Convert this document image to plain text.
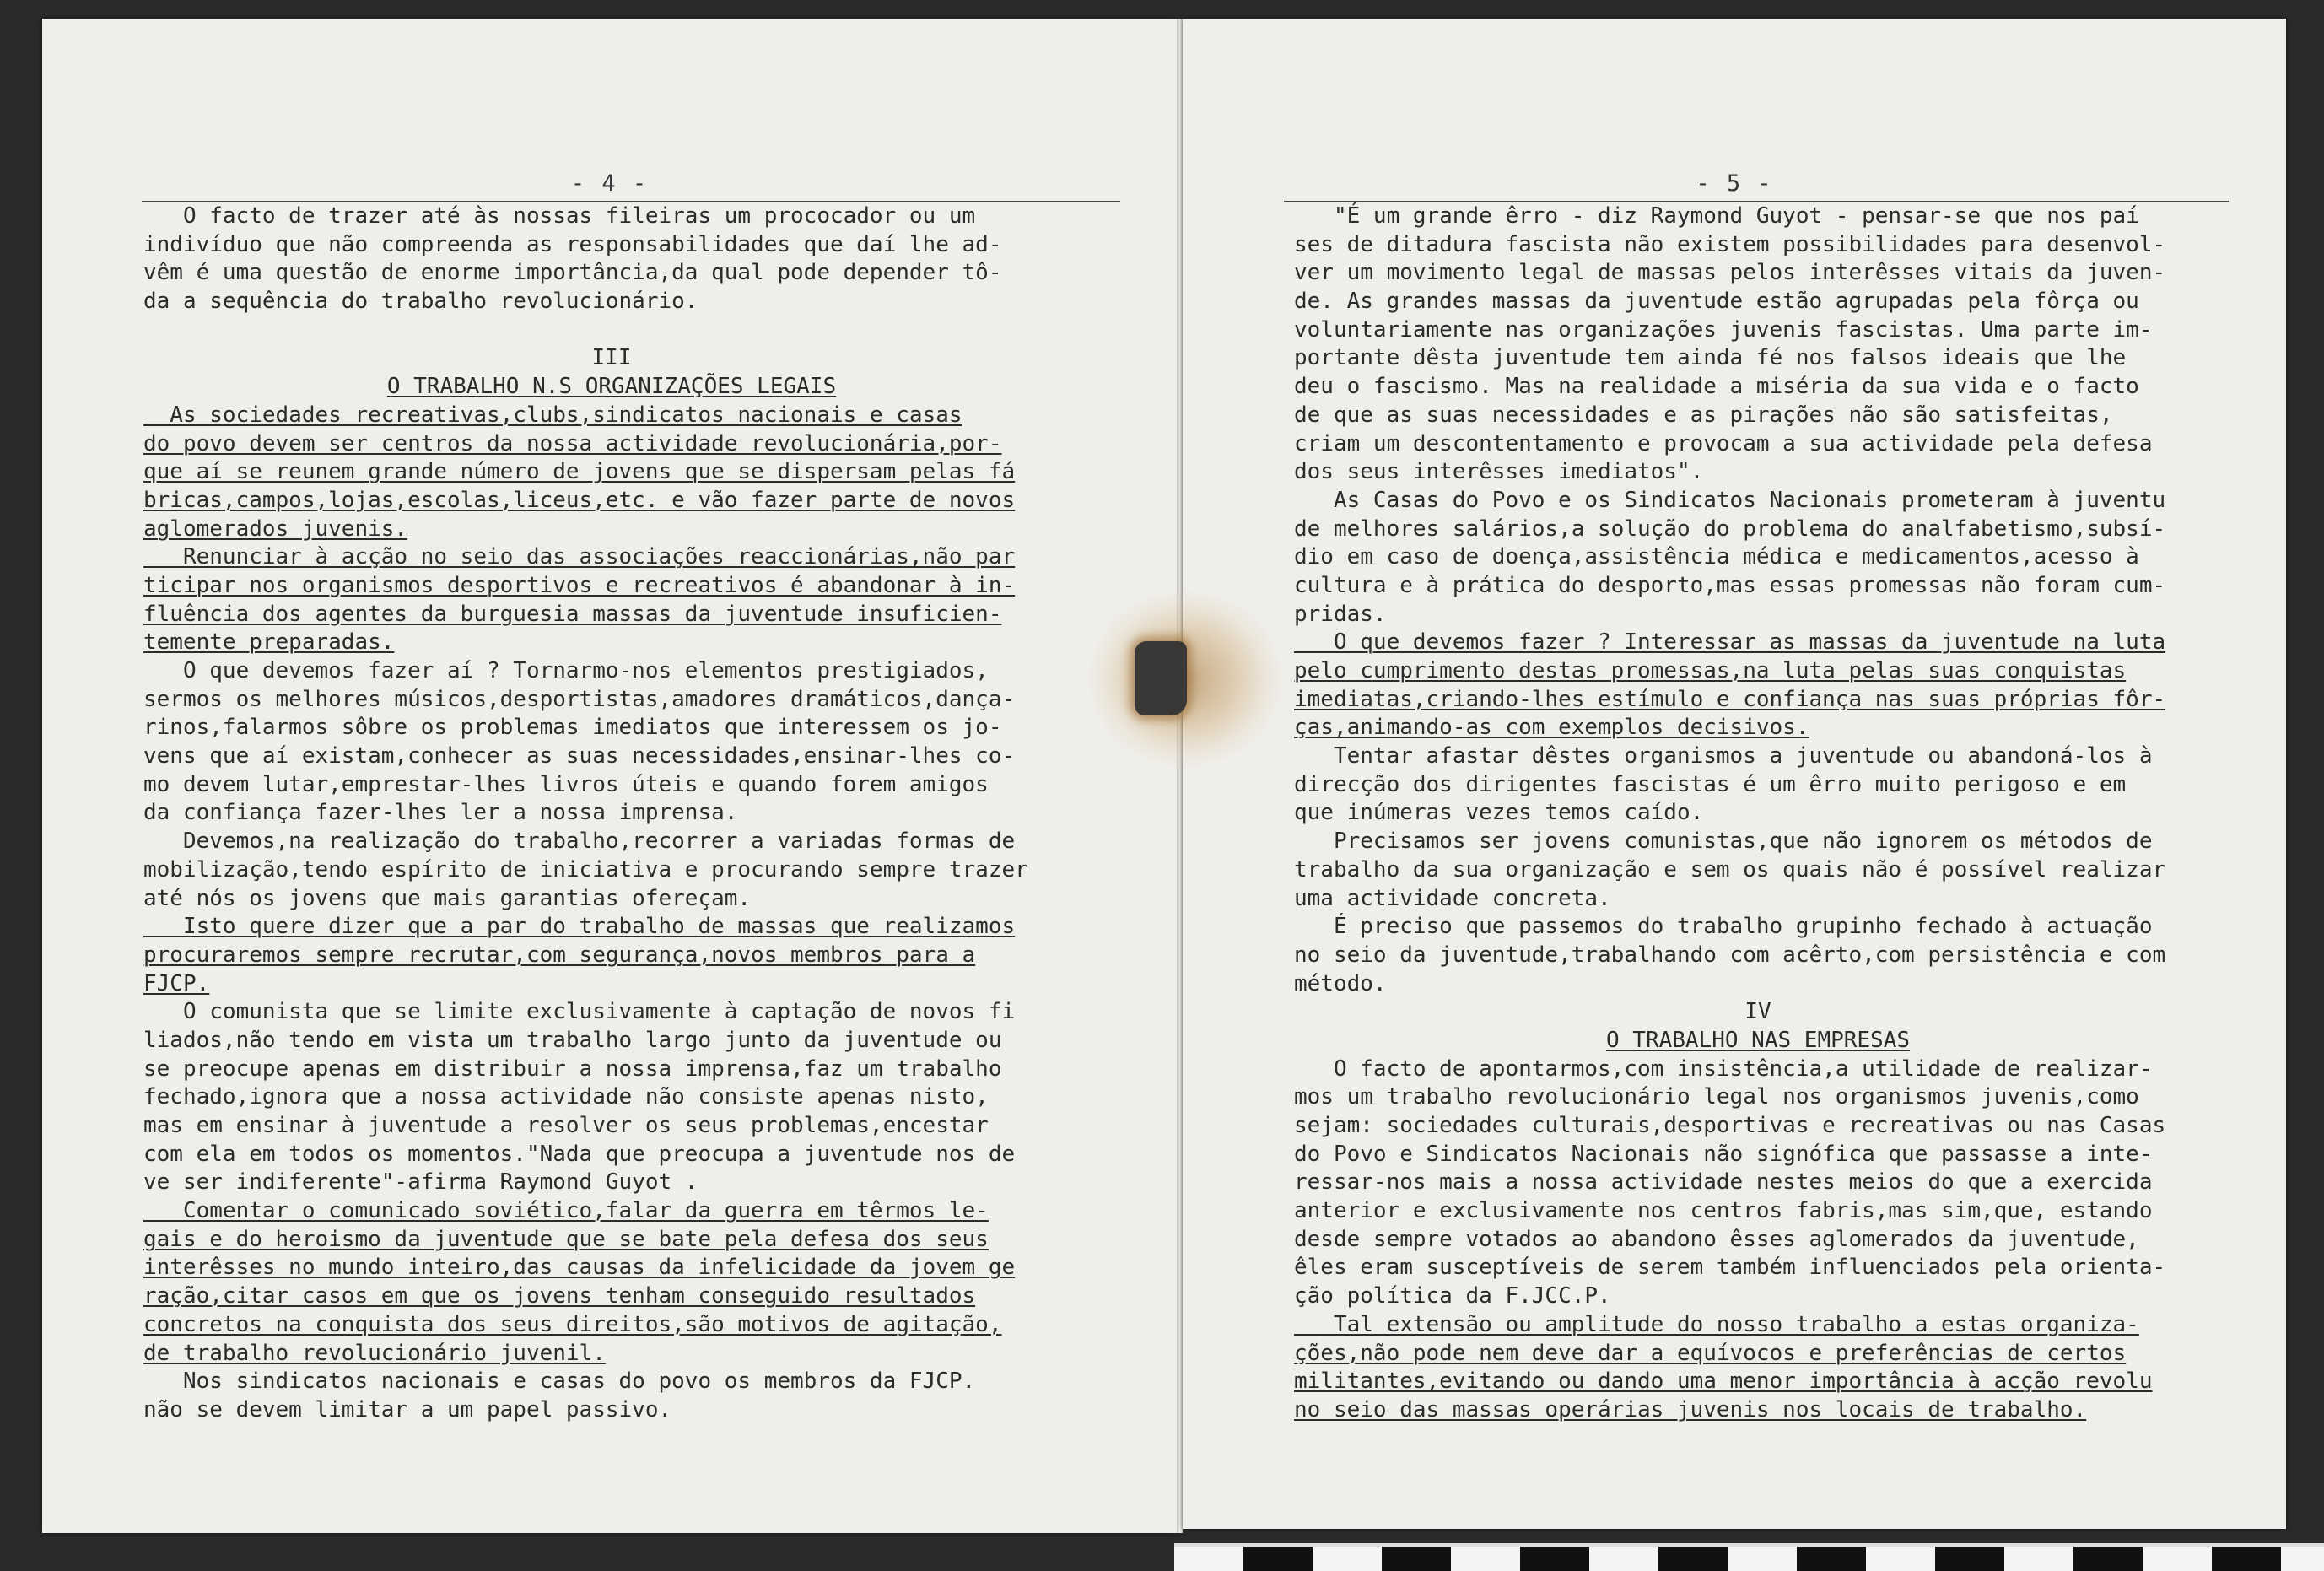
- 4 -
O facto de trazer até às nossas fileiras um prococador ou um
indivíduo que não compreenda as responsabilidades que daí lhe ad-
vêm é uma questão de enorme importância,da qual pode depender tô-
da a sequência do trabalho revolucionário.
III
O TRABALHO N.S ORGANIZAÇÕES LEGAIS
As sociedades recreativas,clubs,sindicatos nacionais e casas
do povo devem ser centros da nossa actividade revolucionária,por-
que aí se reunem grande número de jovens que se dispersam pelas fá
bricas,campos,lojas,escolas,liceus,etc. e vão fazer parte de novos
aglomerados juvenis.
Renunciar à acção no seio das associações reaccionárias,não par
ticipar nos organismos desportivos e recreativos é abandonar à in-
fluência dos agentes da burguesia massas da juventude insuficien-
temente preparadas.
O que devemos fazer aí ? Tornarmo-nos elementos prestigiados,
sermos os melhores músicos,desportistas,amadores dramáticos,dança-
rinos,falarmos sôbre os problemas imediatos que interessem os jo-
vens que aí existam,conhecer as suas necessidades,ensinar-lhes co-
mo devem lutar,emprestar-lhes livros úteis e quando forem amigos
da confiança fazer-lhes ler a nossa imprensa.
Devemos,na realização do trabalho,recorrer a variadas formas de
mobilização,tendo espírito de iniciativa e procurando sempre trazer
até nós os jovens que mais garantias ofereçam.
Isto quere dizer que a par do trabalho de massas que realizamos
procuraremos sempre recrutar,com segurança,novos membros para a
FJCP.
O comunista que se limite exclusivamente à captação de novos fi
liados,não tendo em vista um trabalho largo junto da juventude ou
se preocupe apenas em distribuir a nossa imprensa,faz um trabalho
fechado,ignora que a nossa actividade não consiste apenas nisto,
mas em ensinar à juventude a resolver os seus problemas,encestar
com ela em todos os momentos."Nada que preocupa a juventude nos de
ve ser indiferente"-afirma Raymond Guyot .
Comentar o comunicado soviético,falar da guerra em têrmos le-
gais e do heroismo da juventude que se bate pela defesa dos seus
interêsses no mundo inteiro,das causas da infelicidade da jovem ge
ração,citar casos em que os jovens tenham conseguido resultados
concretos na conquista dos seus direitos,são motivos de agitação,
de trabalho revolucionário juvenil.
Nos sindicatos nacionais e casas do povo os membros da FJCP.
não se devem limitar a um papel passivo.
- 5 -
"É um grande êrro - diz Raymond Guyot - pensar-se que nos paí
ses de ditadura fascista não existem possibilidades para desenvol-
ver um movimento legal de massas pelos interêsses vitais da juven-
de. As grandes massas da juventude estão agrupadas pela fôrça ou
voluntariamente nas organizações juvenis fascistas. Uma parte im-
portante dêsta juventude tem ainda fé nos falsos ideais que lhe
deu o fascismo. Mas na realidade a miséria da sua vida e o facto
de que as suas necessidades e as pirações não são satisfeitas,
criam um descontentamento e provocam a sua actividade pela defesa
dos seus interêsses imediatos".
As Casas do Povo e os Sindicatos Nacionais prometeram à juventu
de melhores salários,a solução do problema do analfabetismo,subsí-
dio em caso de doença,assistência médica e medicamentos,acesso à
cultura e à prática do desporto,mas essas promessas não foram cum-
pridas.
O que devemos fazer ? Interessar as massas da juventude na luta
pelo cumprimento destas promessas,na luta pelas suas conquistas
imediatas,criando-lhes estímulo e confiança nas suas próprias fôr-
ças,animando-as com exemplos decisivos.
Tentar afastar dêstes organismos a juventude ou abandoná-los à
direcção dos dirigentes fascistas é um êrro muito perigoso e em
que inúmeras vezes temos caído.
Precisamos ser jovens comunistas,que não ignorem os métodos de
trabalho da sua organização e sem os quais não é possível realizar
uma actividade concreta.
É preciso que passemos do trabalho grupinho fechado à actuação
no seio da juventude,trabalhando com acêrto,com persistência e com
método.
IV
O TRABALHO NAS EMPRESAS
O facto de apontarmos,com insistência,a utilidade de realizar-
mos um trabalho revolucionário legal nos organismos juvenis,como
sejam: sociedades culturais,desportivas e recreativas ou nas Casas
do Povo e Sindicatos Nacionais não signófica que passasse a inte-
ressar-nos mais a nossa actividade nestes meios do que a exercida
anterior e exclusivamente nos centros fabris,mas sim,que, estando
desde sempre votados ao abandono êsses aglomerados da juventude,
êles eram susceptíveis de serem também influenciados pela orienta-
ção política da F.JCC.P.
Tal extensão ou amplitude do nosso trabalho a estas organiza-
ções,não pode nem deve dar a equívocos e preferências de certos
militantes,evitando ou dando uma menor importância à acção revolu
no seio das massas operárias juvenis nos locais de trabalho.
